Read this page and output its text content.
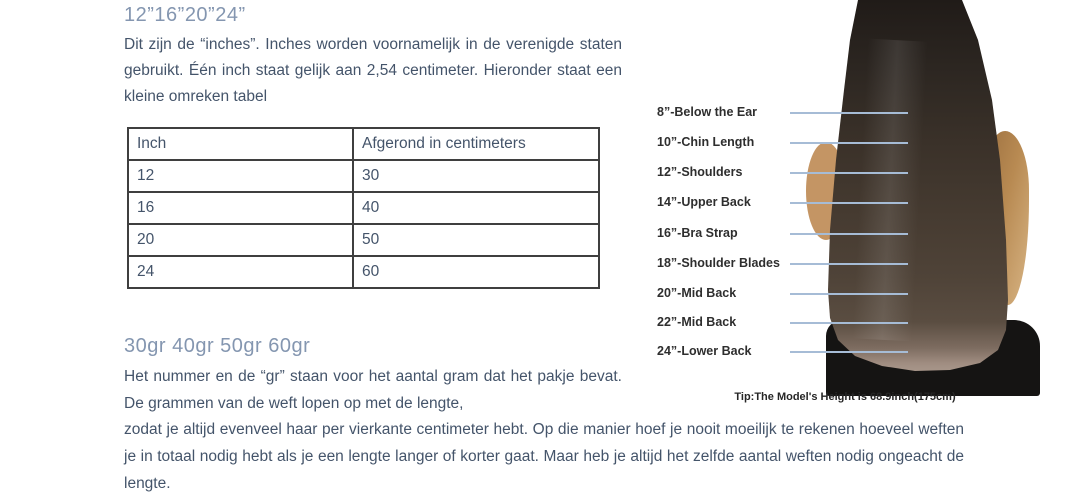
12”16”20”24”
Dit zijn de “inches”. Inches worden voornamelijk in de verenigde staten gebruikt. Één inch staat gelijk aan 2,54 centimeter. Hieronder staat een kleine omreken tabel
Inch	Afgerond in centimeters
12	30
16	40
20	50
24	60
30gr 40gr 50gr 60gr
Het nummer en de “gr” staan voor het aantal gram dat het pakje bevat. De grammen van de weft lopen op met de lengte,
zodat je altijd evenveel haar per vierkante centimeter hebt. Op die manier hoef je nooit moeilijk te rekenen hoeveel weften je in totaal nodig hebt als je een lengte langer of korter gaat. Maar heb je altijd het zelfde aantal weften nodig ongeacht de lengte.
8”-Below the Ear
10”-Chin Length
12”-Shoulders
14”-Upper Back
16”-Bra Strap
18”-Shoulder Blades
20”-Mid Back
22”-Mid Back
24”-Lower Back
Tip:The Model's Height is 68.9inch(175cm)
